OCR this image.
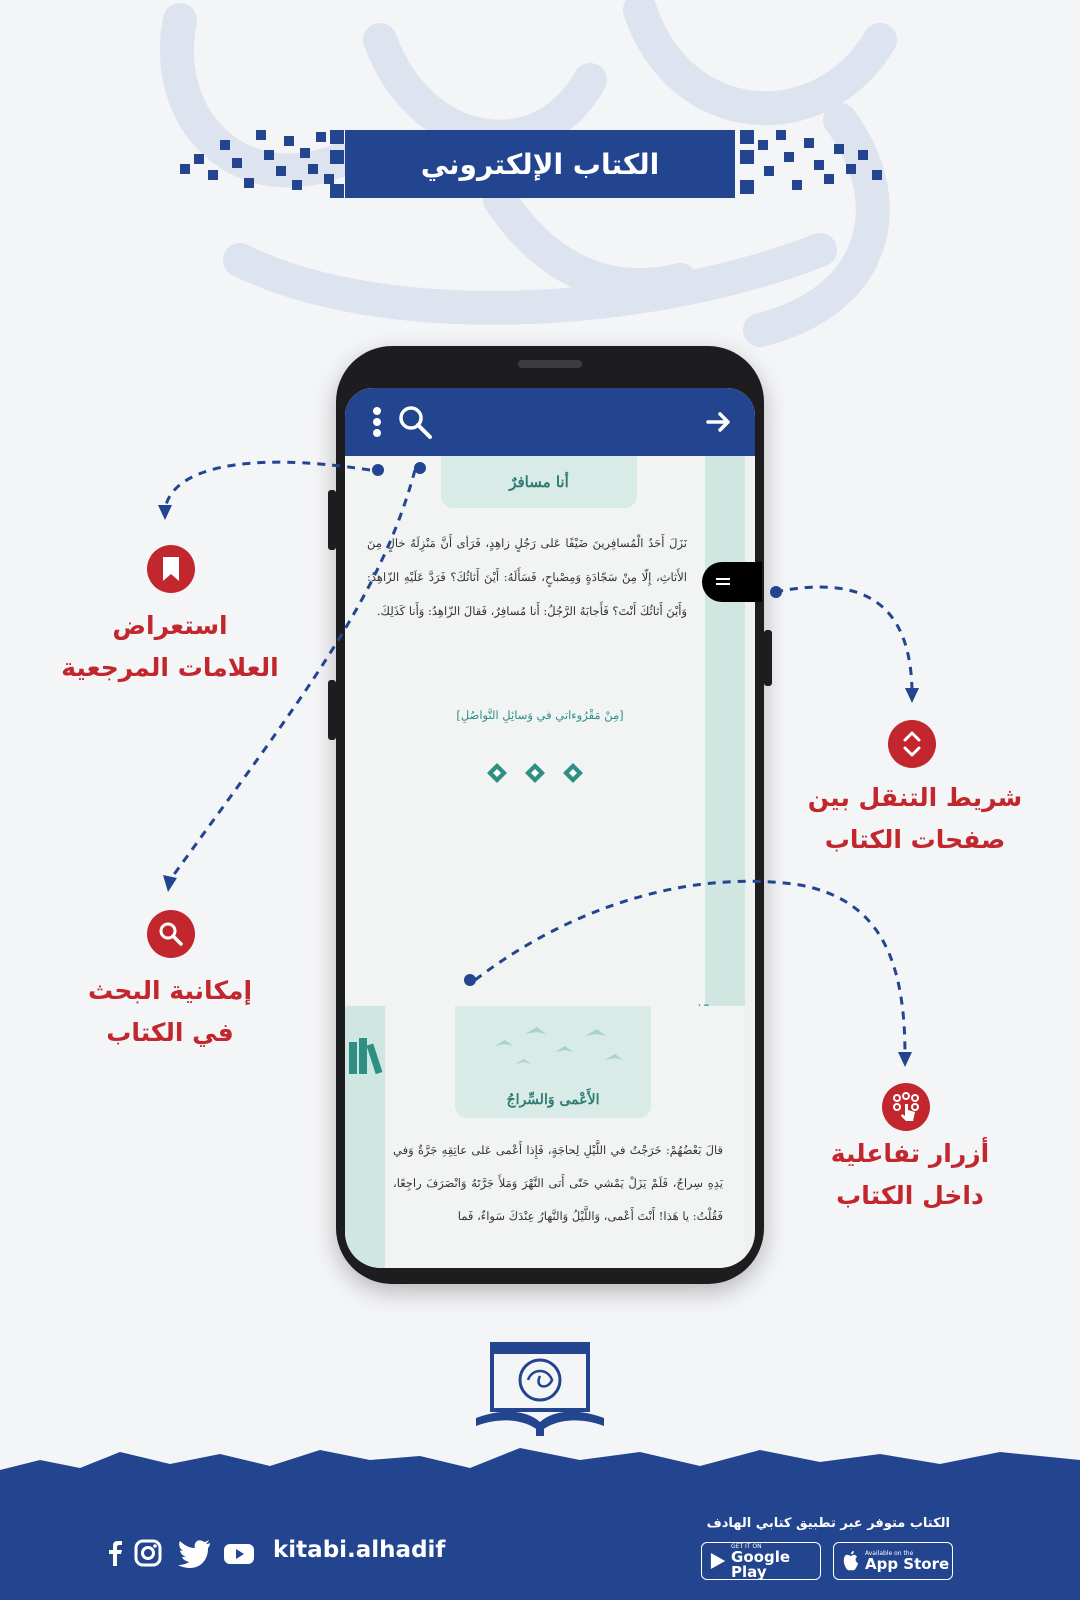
الكتاب الإلكتروني
أنا مسافرٌ
نَزَلَ أَحَدُ الْمُسافِرينَ ضَيْفًا عَلى رَجُلٍ زاهِدٍ، فَرَأى أَنَّ مَنْزِلَهُ خالٍ مِنَ الأَثاثِ، إِلّا مِنْ سَجّادَةٍ وَمِصْباحٍ، فَسَأَلَهُ: أَيْنَ أَثاثُكَ؟ فَرَدَّ عَلَيْهِ الزّاهِدُ: وَأَيْنَ أَثاثُكَ أَنْتَ؟ فَأَجابَهُ الرَّجُلُ: أَنا مُسافِرٌ، فَقالَ الزّاهِدُ: وَأَنا كَذَلِكَ.
[مِنْ مَقْرُوءاتي في وَسائِلِ التَّواصُلِ]
الأَعْمى وَالسِّراجُ
قالَ بَعْضُهُمْ: خَرَجْتُ في اللَّيْلِ لِحاجَةٍ، فَإِذا أَعْمى عَلى عاتِقِهِ جَرَّةٌ وَفي يَدِهِ سِراجٌ، فَلَمْ يَزَلْ يَمْشي حَتّى أَتى النَّهْرَ وَمَلأَ جَرَّتَهُ وَانْصَرَفَ راجِعًا، فَقُلْتُ: يا هَذا! أَنْتَ أَعْمى، وَاللَّيْلُ وَالنَّهارُ عِنْدَكَ سَواءٌ، فَما
استعراض
العلامات المرجعية
إمكانية البحث
في الكتاب
شريط التنقل بين
صفحات الكتاب
أزرار تفاعلية
داخل الكتاب
الكتاب متوفر عبر تطبيق كتابي الهادف
GET IT ON
Google Play
Available on the
App Store
kitabi.alhadif
